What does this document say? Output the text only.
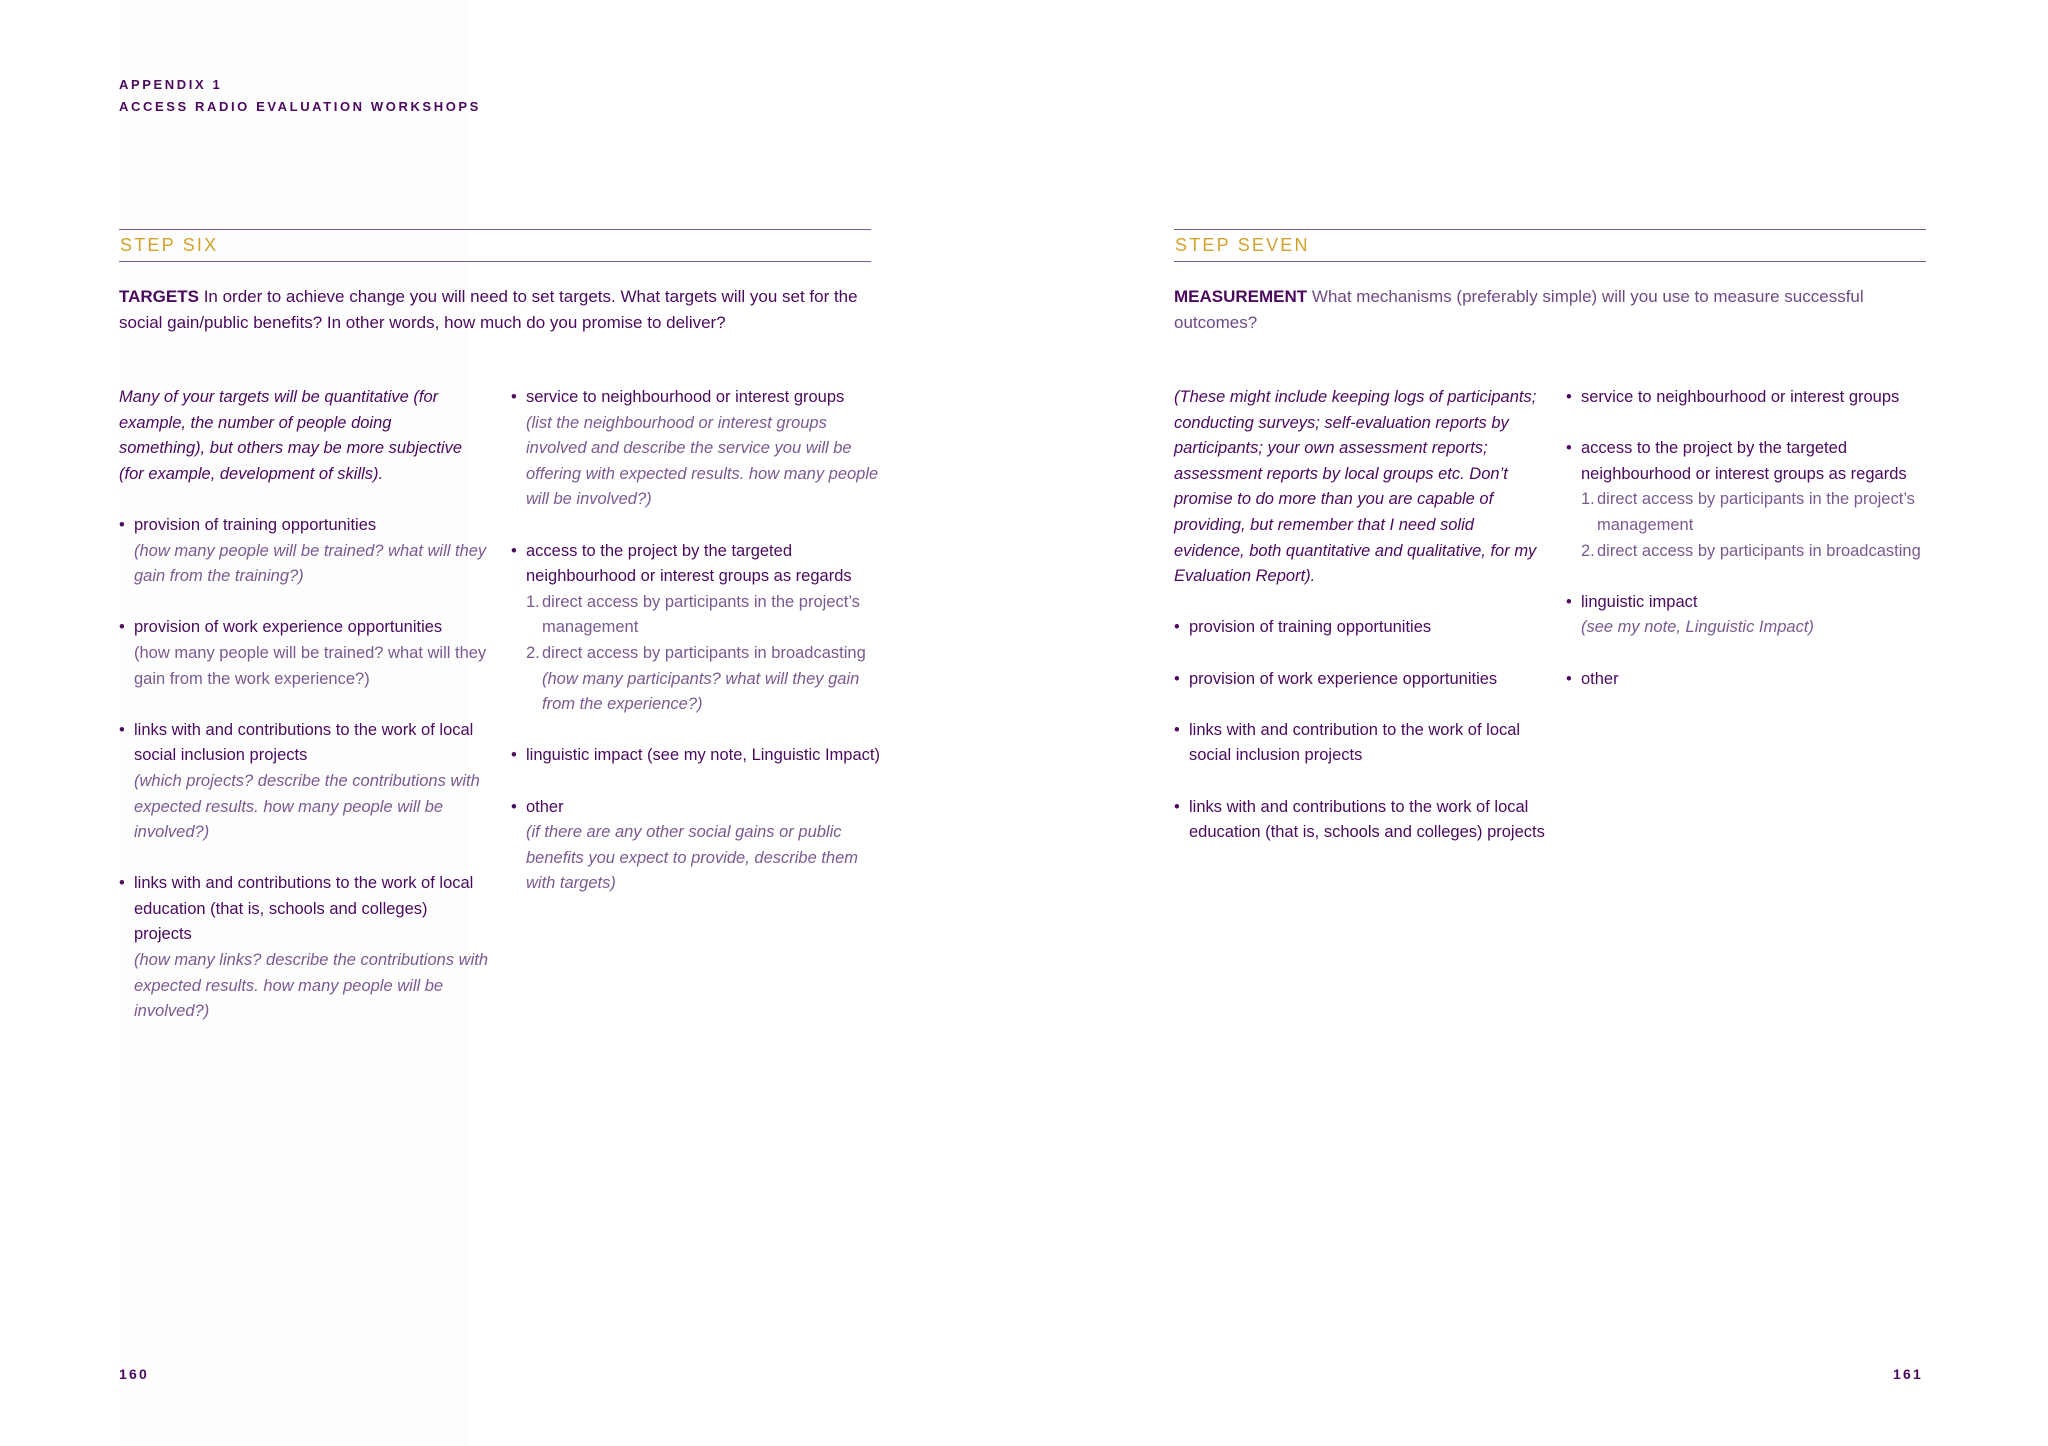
APPENDIX 1
ACCESS RADIO EVALUATION WORKSHOPS
STEP SIX
TARGETS In order to achieve change you will need to set targets. What targets will you set for the social gain/public benefits? In other words, how much do you promise to deliver?
Many of your targets will be quantitative (for example, the number of people doing something), but others may be more subjective (for example, development of skills).
• provision of training opportunities
(how many people will be trained? what will they gain from the training?)
• provision of work experience opportunities
(how many people will be trained? what will they gain from the work experience?)
• links with and contributions to the work of local social inclusion projects
(which projects? describe the contributions with expected results. how many people will be involved?)
• links with and contributions to the work of local education (that is, schools and colleges) projects
(how many links? describe the contributions with expected results. how many people will be involved?)
• service to neighbourhood or interest groups
(list the neighbourhood or interest groups involved and describe the service you will be offering with expected results. how many people will be involved?)
• access to the project by the targeted neighbourhood or interest groups as regards
1. direct access by participants in the project’s management
2. direct access by participants in broadcasting
(how many participants? what will they gain from the experience?)
• linguistic impact (see my note, Linguistic Impact)
• other
(if there are any other social gains or public benefits you expect to provide, describe them with targets)
160
STEP SEVEN
MEASUREMENT What mechanisms (preferably simple) will you use to measure successful outcomes?
(These might include keeping logs of participants; conducting surveys; self-evaluation reports by participants; your own assessment reports; assessment reports by local groups etc. Don’t promise to do more than you are capable of providing, but remember that I need solid evidence, both quantitative and qualitative, for my Evaluation Report).
• provision of training opportunities
• provision of work experience opportunities
• links with and contribution to the work of local social inclusion projects
• links with and contributions to the work of local education (that is, schools and colleges) projects
• service to neighbourhood or interest groups
• access to the project by the targeted neighbourhood or interest groups as regards
1. direct access by participants in the project’s management
2. direct access by participants in broadcasting
• linguistic impact
(see my note, Linguistic Impact)
• other
161
